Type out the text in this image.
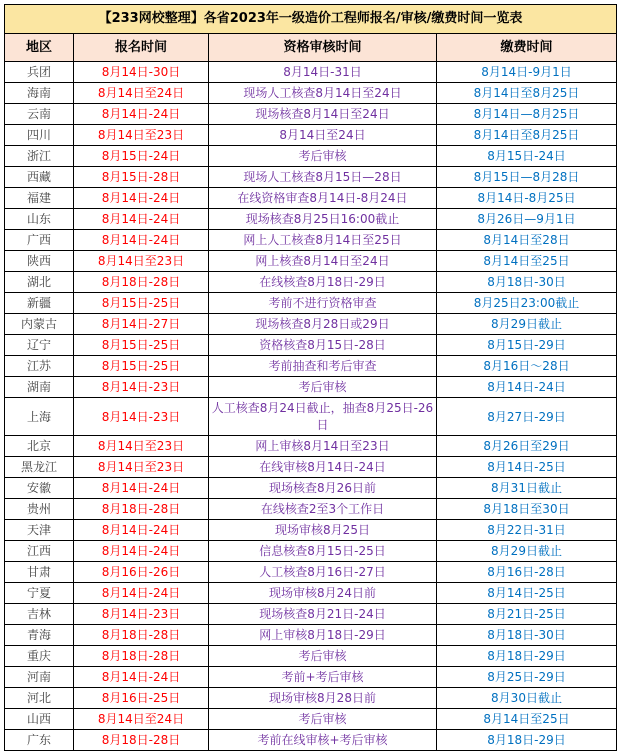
【233网校整理】各省2023年一级造价工程师报名/审核/缴费时间一览表			
地区	报名时间	资格审核时间	缴费时间
兵团	8月14日-30日	8月14日-31日	8月14日-9月1日
海南	8月14日至24日	现场人工核查8月14日至24日	8月14日至8月25日
云南	8月14日-24日	现场核查8月14日至24日	8月14日—8月25日
四川	8月14日至23日	8月14日至24日	8月14日至8月25日
浙江	8月15日-24日	考后审核	8月15日-24日
西藏	8月15日-28日	现场人工核查8月15日—28日	8月15日—8月28日
福建	8月14日-24日	在线资格审查8月14日-8月24日	8月14日-8月25日
山东	8月14日-24日	现场核查8月25日16:00截止	8月26日—9月1日
广西	8月14日-24日	网上人工核查8月14日至25日	8月14日至28日
陕西	8月14日至23日	网上核查8月14日至24日	8月14日至25日
湖北	8月18日-28日	在线核查8月18日-29日	8月18日-30日
新疆	8月15日-25日	考前不进行资格审查	8月25日23:00截止
内蒙古	8月14日-27日	现场核查8月28日或29日	8月29日截止
辽宁	8月15日-25日	资格核查8月15日-28日	8月15日-29日
江苏	8月15日-25日	考前抽查和考后审查	8月16日～28日
湖南	8月14日-23日	考后审核	8月14日-24日
上海	8月14日-23日	人工核查8月24日截止，抽查8月25日-26日	8月27日-29日
北京	8月14日至23日	网上审核8月14日至23日	8月26日至29日
黑龙江	8月14日至23日	在线审核8月14日-24日	8月14日-25日
安徽	8月14日-24日	现场核查8月26日前	8月31日截止
贵州	8月18日-28日	在线核查2至3个工作日	8月18日至30日
天津	8月14日-24日	现场审核8月25日	8月22日-31日
江西	8月14日-24日	信息核查8月15日-25日	8月29日截止
甘肃	8月16日-26日	人工核查8月16日-27日	8月16日-28日
宁夏	8月14日-24日	现场审核8月24日前	8月14日-25日
吉林	8月14日-23日	现场核查8月21日-24日	8月21日-25日
青海	8月18日-28日	网上审核8月18日-29日	8月18日-30日
重庆	8月18日-28日	考后审核	8月18日-29日
河南	8月14日-24日	考前+考后审核	8月25日-29日
河北	8月16日-25日	现场审核8月28日前	8月30日截止
山西	8月14日至24日	考后审核	8月14日至25日
广东	8月18日-28日	考前在线审核+考后审核	8月18日-29日
